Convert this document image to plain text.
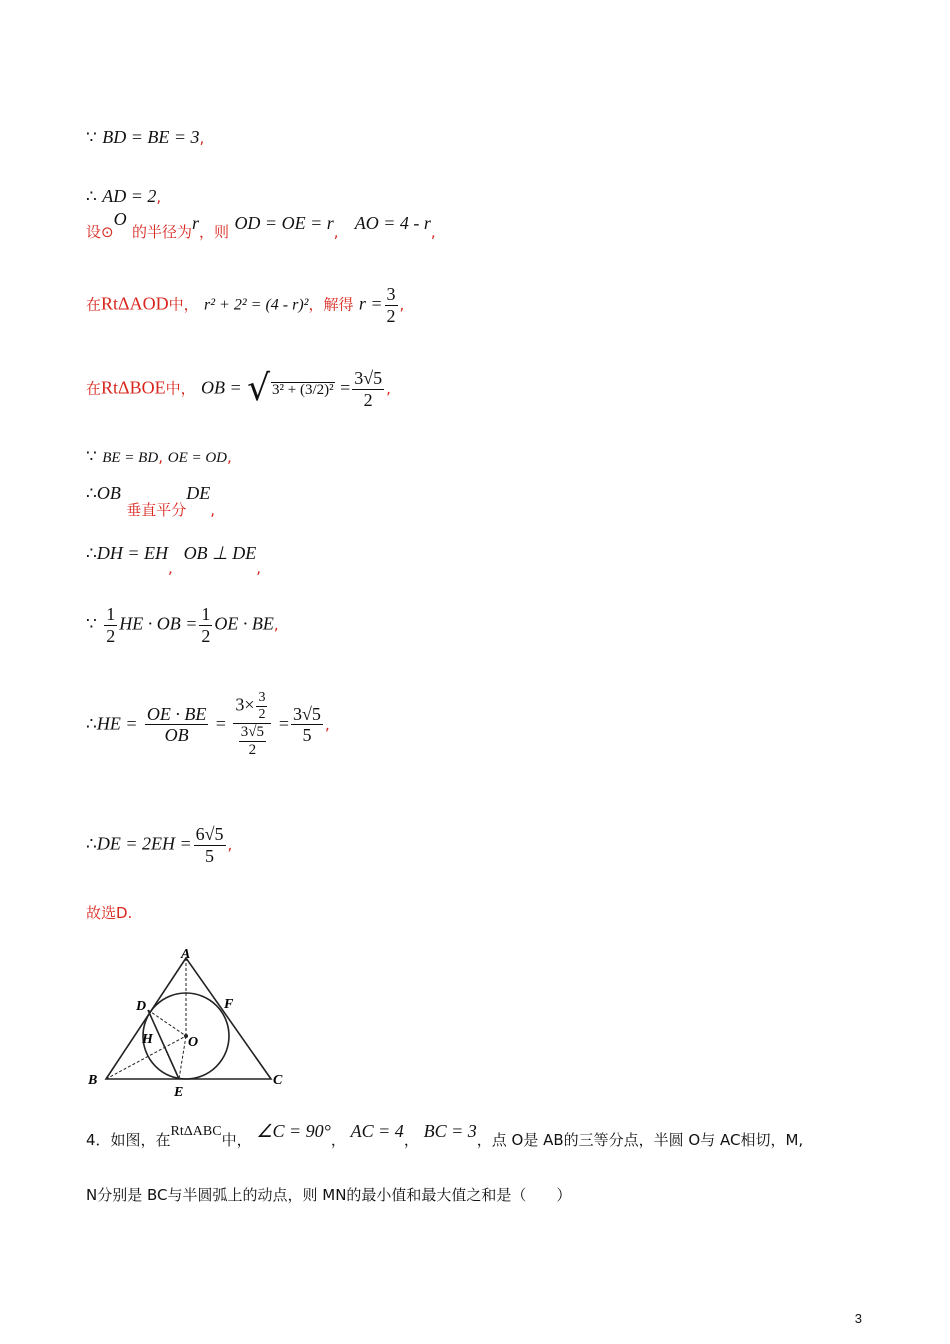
∵ BD = BE = 3,
∴ AD = 2,
设⊙O 的半径为r，则 OD = OE = r, AO = 4 - r,
在RtΔAOD中， r² + 2² = (4 - r)²，解得 $r = \frac{3}{2}$ ,
在RtΔBOE中， OB = √ $3^2 + (3/2)^2 = \frac{3√5}{2}$ ,
∵ BE = BD, OE = OD,
∴OB 垂直平分DE,
∴DH = EH,  OB ⊥ DE,
∵ $\frac{1}{2}$ HE · OB = $\frac{1}{2}$ OE · BE,
∴HE = $\frac{OE \cdot BE}{OB} = \frac{3\times \frac{3}{2}}{\frac{3√5}{2}} = \frac{3√5}{5}$ ,
∴DE = $2EH = \frac{6√5}{5}$ ,
故选D.
A
D	F
H	O
B	C
E
4．如图，在RtΔABC中， ∠C = 90°， AC = 4， BC = 3，点 O是 AB的三等分点，半圆 O与 AC相切，M,
N分别是 BC与半圆弧上的动点，则 MN的最小值和最大值之和是（　　）
3
